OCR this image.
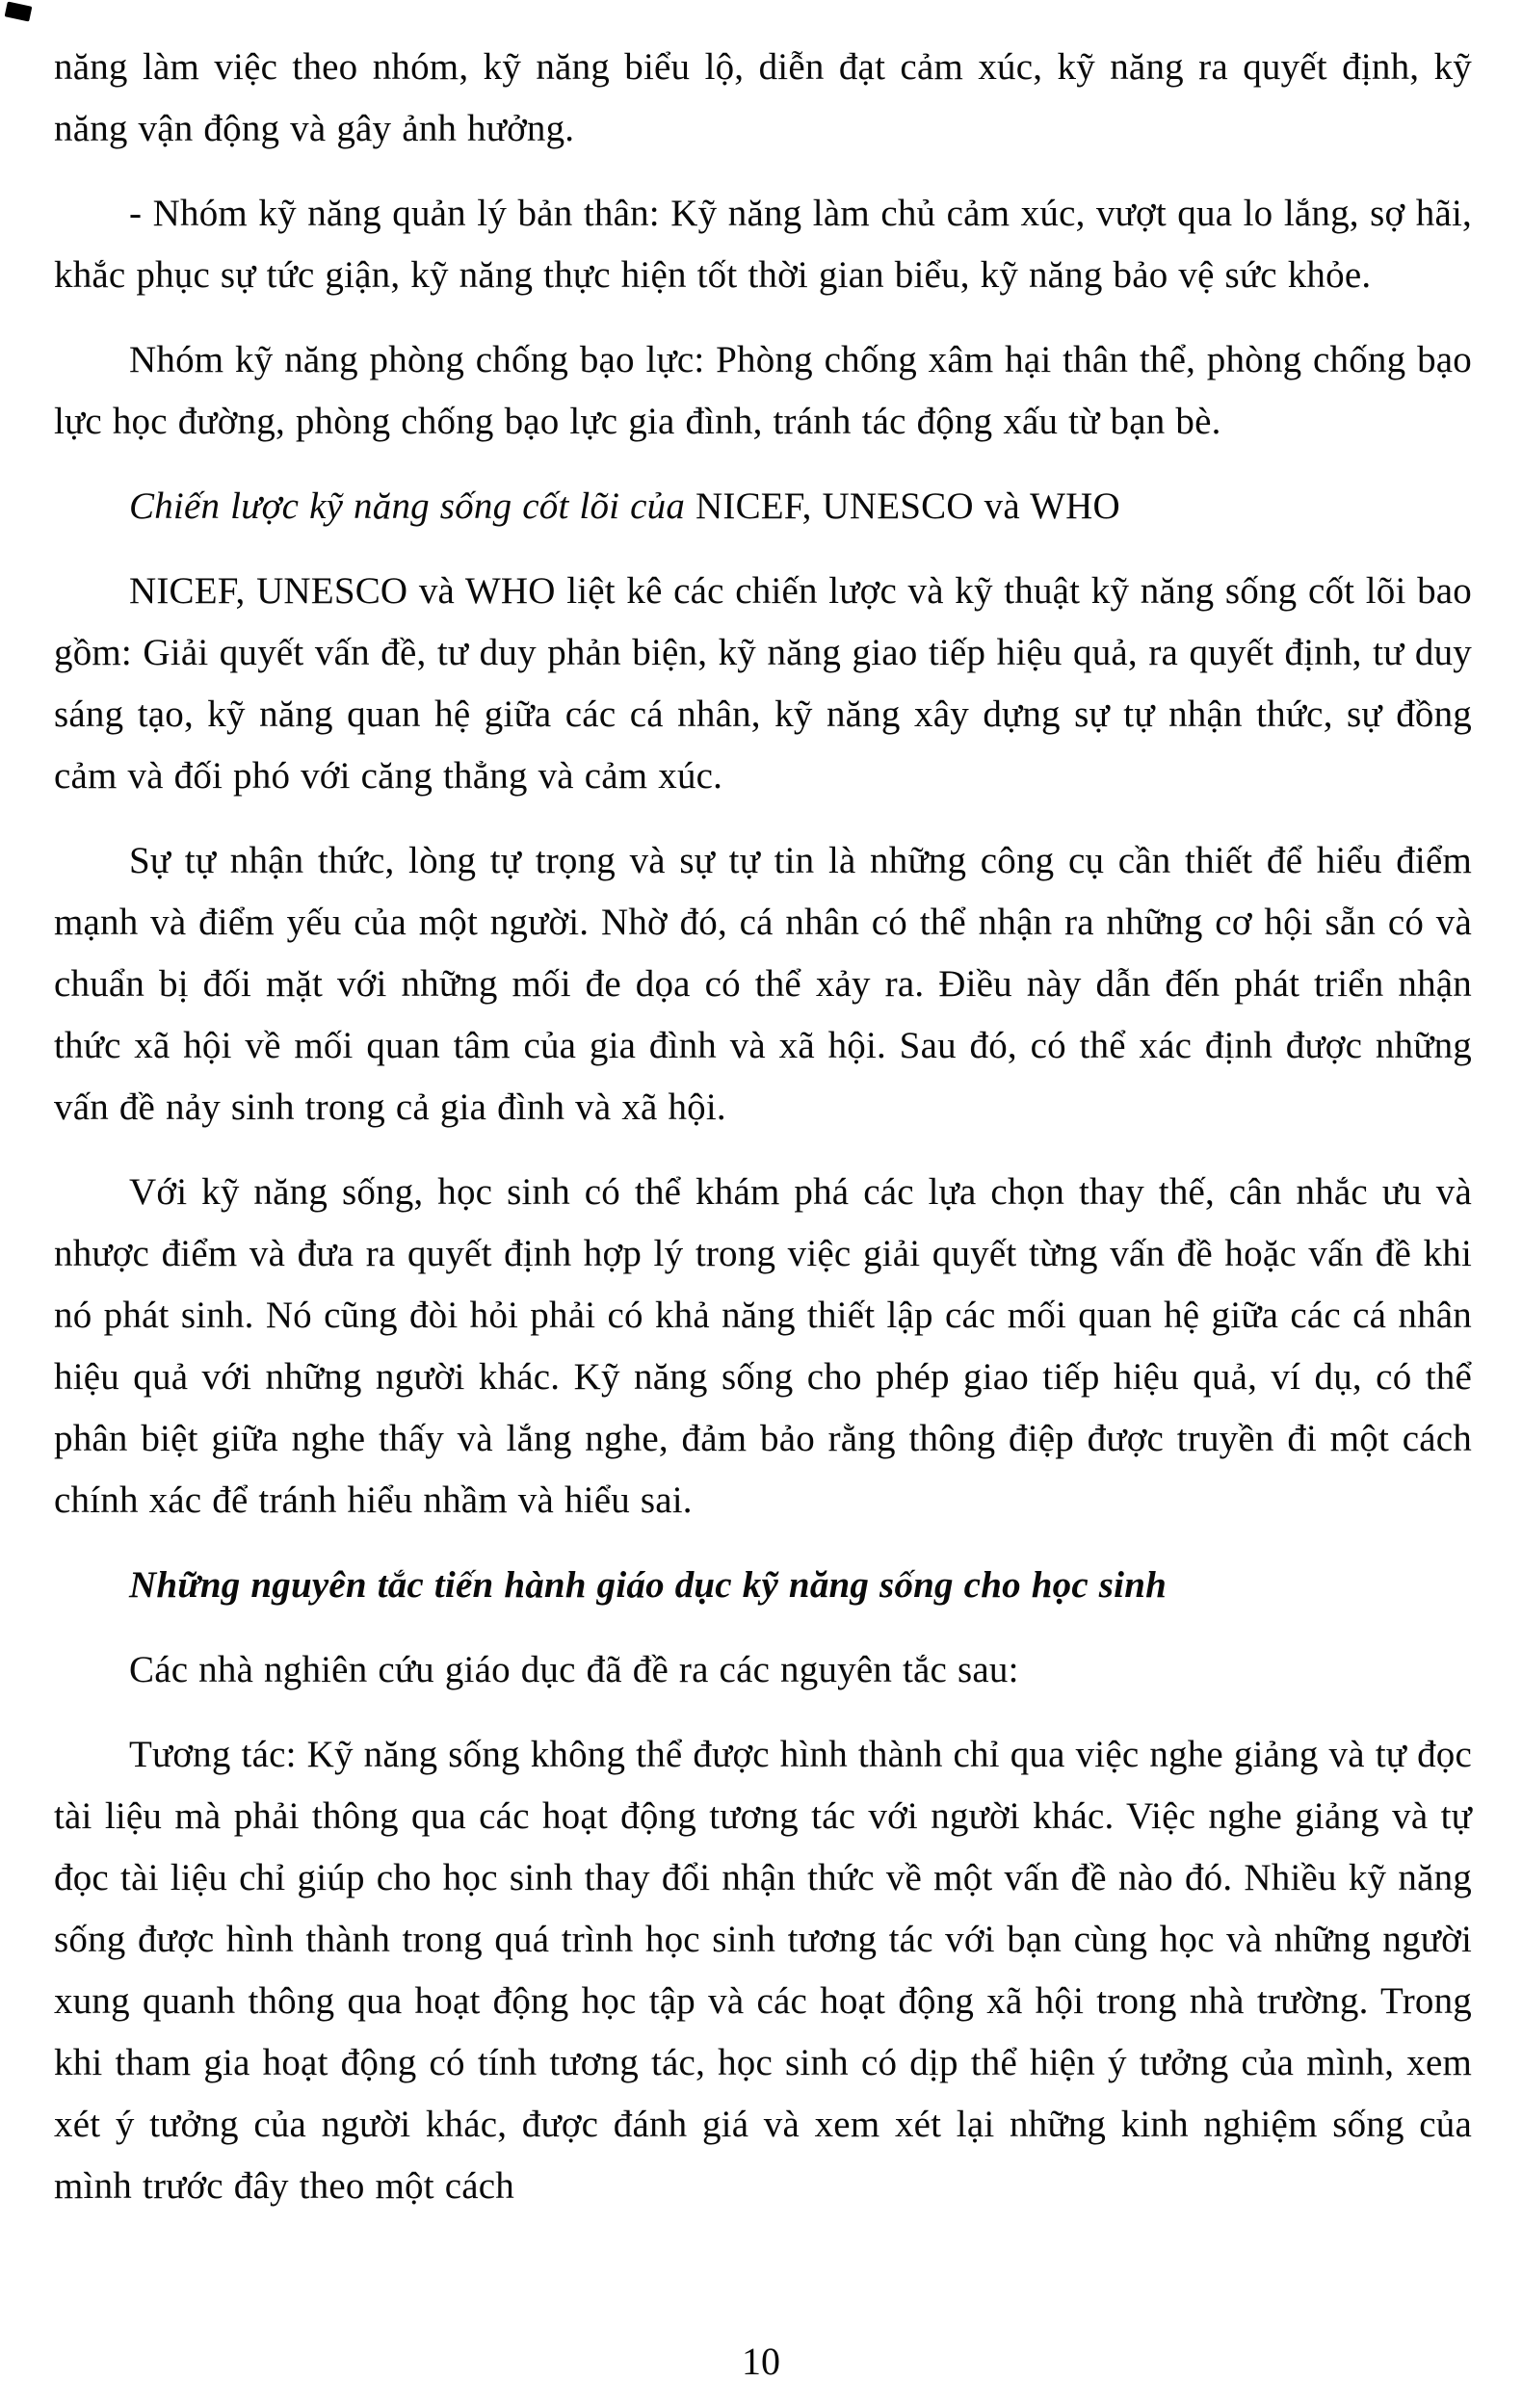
năng làm việc theo nhóm, kỹ năng biểu lộ, diễn đạt cảm xúc, kỹ năng ra quyết định, kỹ năng vận động và gây ảnh hưởng.

- Nhóm kỹ năng quản lý bản thân: Kỹ năng làm chủ cảm xúc, vượt qua lo lắng, sợ hãi, khắc phục sự tức giận, kỹ năng thực hiện tốt thời gian biểu, kỹ năng bảo vệ sức khỏe.

Nhóm kỹ năng phòng chống bạo lực: Phòng chống xâm hại thân thể, phòng chống bạo lực học đường, phòng chống bạo lực gia đình, tránh tác động xấu từ bạn bè.

Chiến lược kỹ năng sống cốt lõi của NICEF, UNESCO và WHO

NICEF, UNESCO và WHO liệt kê các chiến lược và kỹ thuật kỹ năng sống cốt lõi bao gồm: Giải quyết vấn đề, tư duy phản biện, kỹ năng giao tiếp hiệu quả, ra quyết định, tư duy sáng tạo, kỹ năng quan hệ giữa các cá nhân, kỹ năng xây dựng sự tự nhận thức, sự đồng cảm và đối phó với căng thẳng và cảm xúc.

Sự tự nhận thức, lòng tự trọng và sự tự tin là những công cụ cần thiết để hiểu điểm mạnh và điểm yếu của một người. Nhờ đó, cá nhân có thể nhận ra những cơ hội sẵn có và chuẩn bị đối mặt với những mối đe dọa có thể xảy ra. Điều này dẫn đến phát triển nhận thức xã hội về mối quan tâm của gia đình và xã hội. Sau đó, có thể xác định được những vấn đề nảy sinh trong cả gia đình và xã hội.

Với kỹ năng sống, học sinh có thể khám phá các lựa chọn thay thế, cân nhắc ưu và nhược điểm và đưa ra quyết định hợp lý trong việc giải quyết từng vấn đề hoặc vấn đề khi nó phát sinh. Nó cũng đòi hỏi phải có khả năng thiết lập các mối quan hệ giữa các cá nhân hiệu quả với những người khác. Kỹ năng sống cho phép giao tiếp hiệu quả, ví dụ, có thể phân biệt giữa nghe thấy và lắng nghe, đảm bảo rằng thông điệp được truyền đi một cách chính xác để tránh hiểu nhầm và hiểu sai.

Những nguyên tắc tiến hành giáo dục kỹ năng sống cho học sinh

Các nhà nghiên cứu giáo dục đã đề ra các nguyên tắc sau:

Tương tác: Kỹ năng sống không thể được hình thành chỉ qua việc nghe giảng và tự đọc tài liệu mà phải thông qua các hoạt động tương tác với người khác. Việc nghe giảng và tự đọc tài liệu chỉ giúp cho học sinh thay đổi nhận thức về một vấn đề nào đó. Nhiều kỹ năng sống được hình thành trong quá trình học sinh tương tác với bạn cùng học và những người xung quanh thông qua hoạt động học tập và các hoạt động xã hội trong nhà trường. Trong khi tham gia hoạt động có tính tương tác, học sinh có dịp thể hiện ý tưởng của mình, xem xét ý tưởng của người khác, được đánh giá và xem xét lại những kinh nghiệm sống của mình trước đây theo một cách

10
